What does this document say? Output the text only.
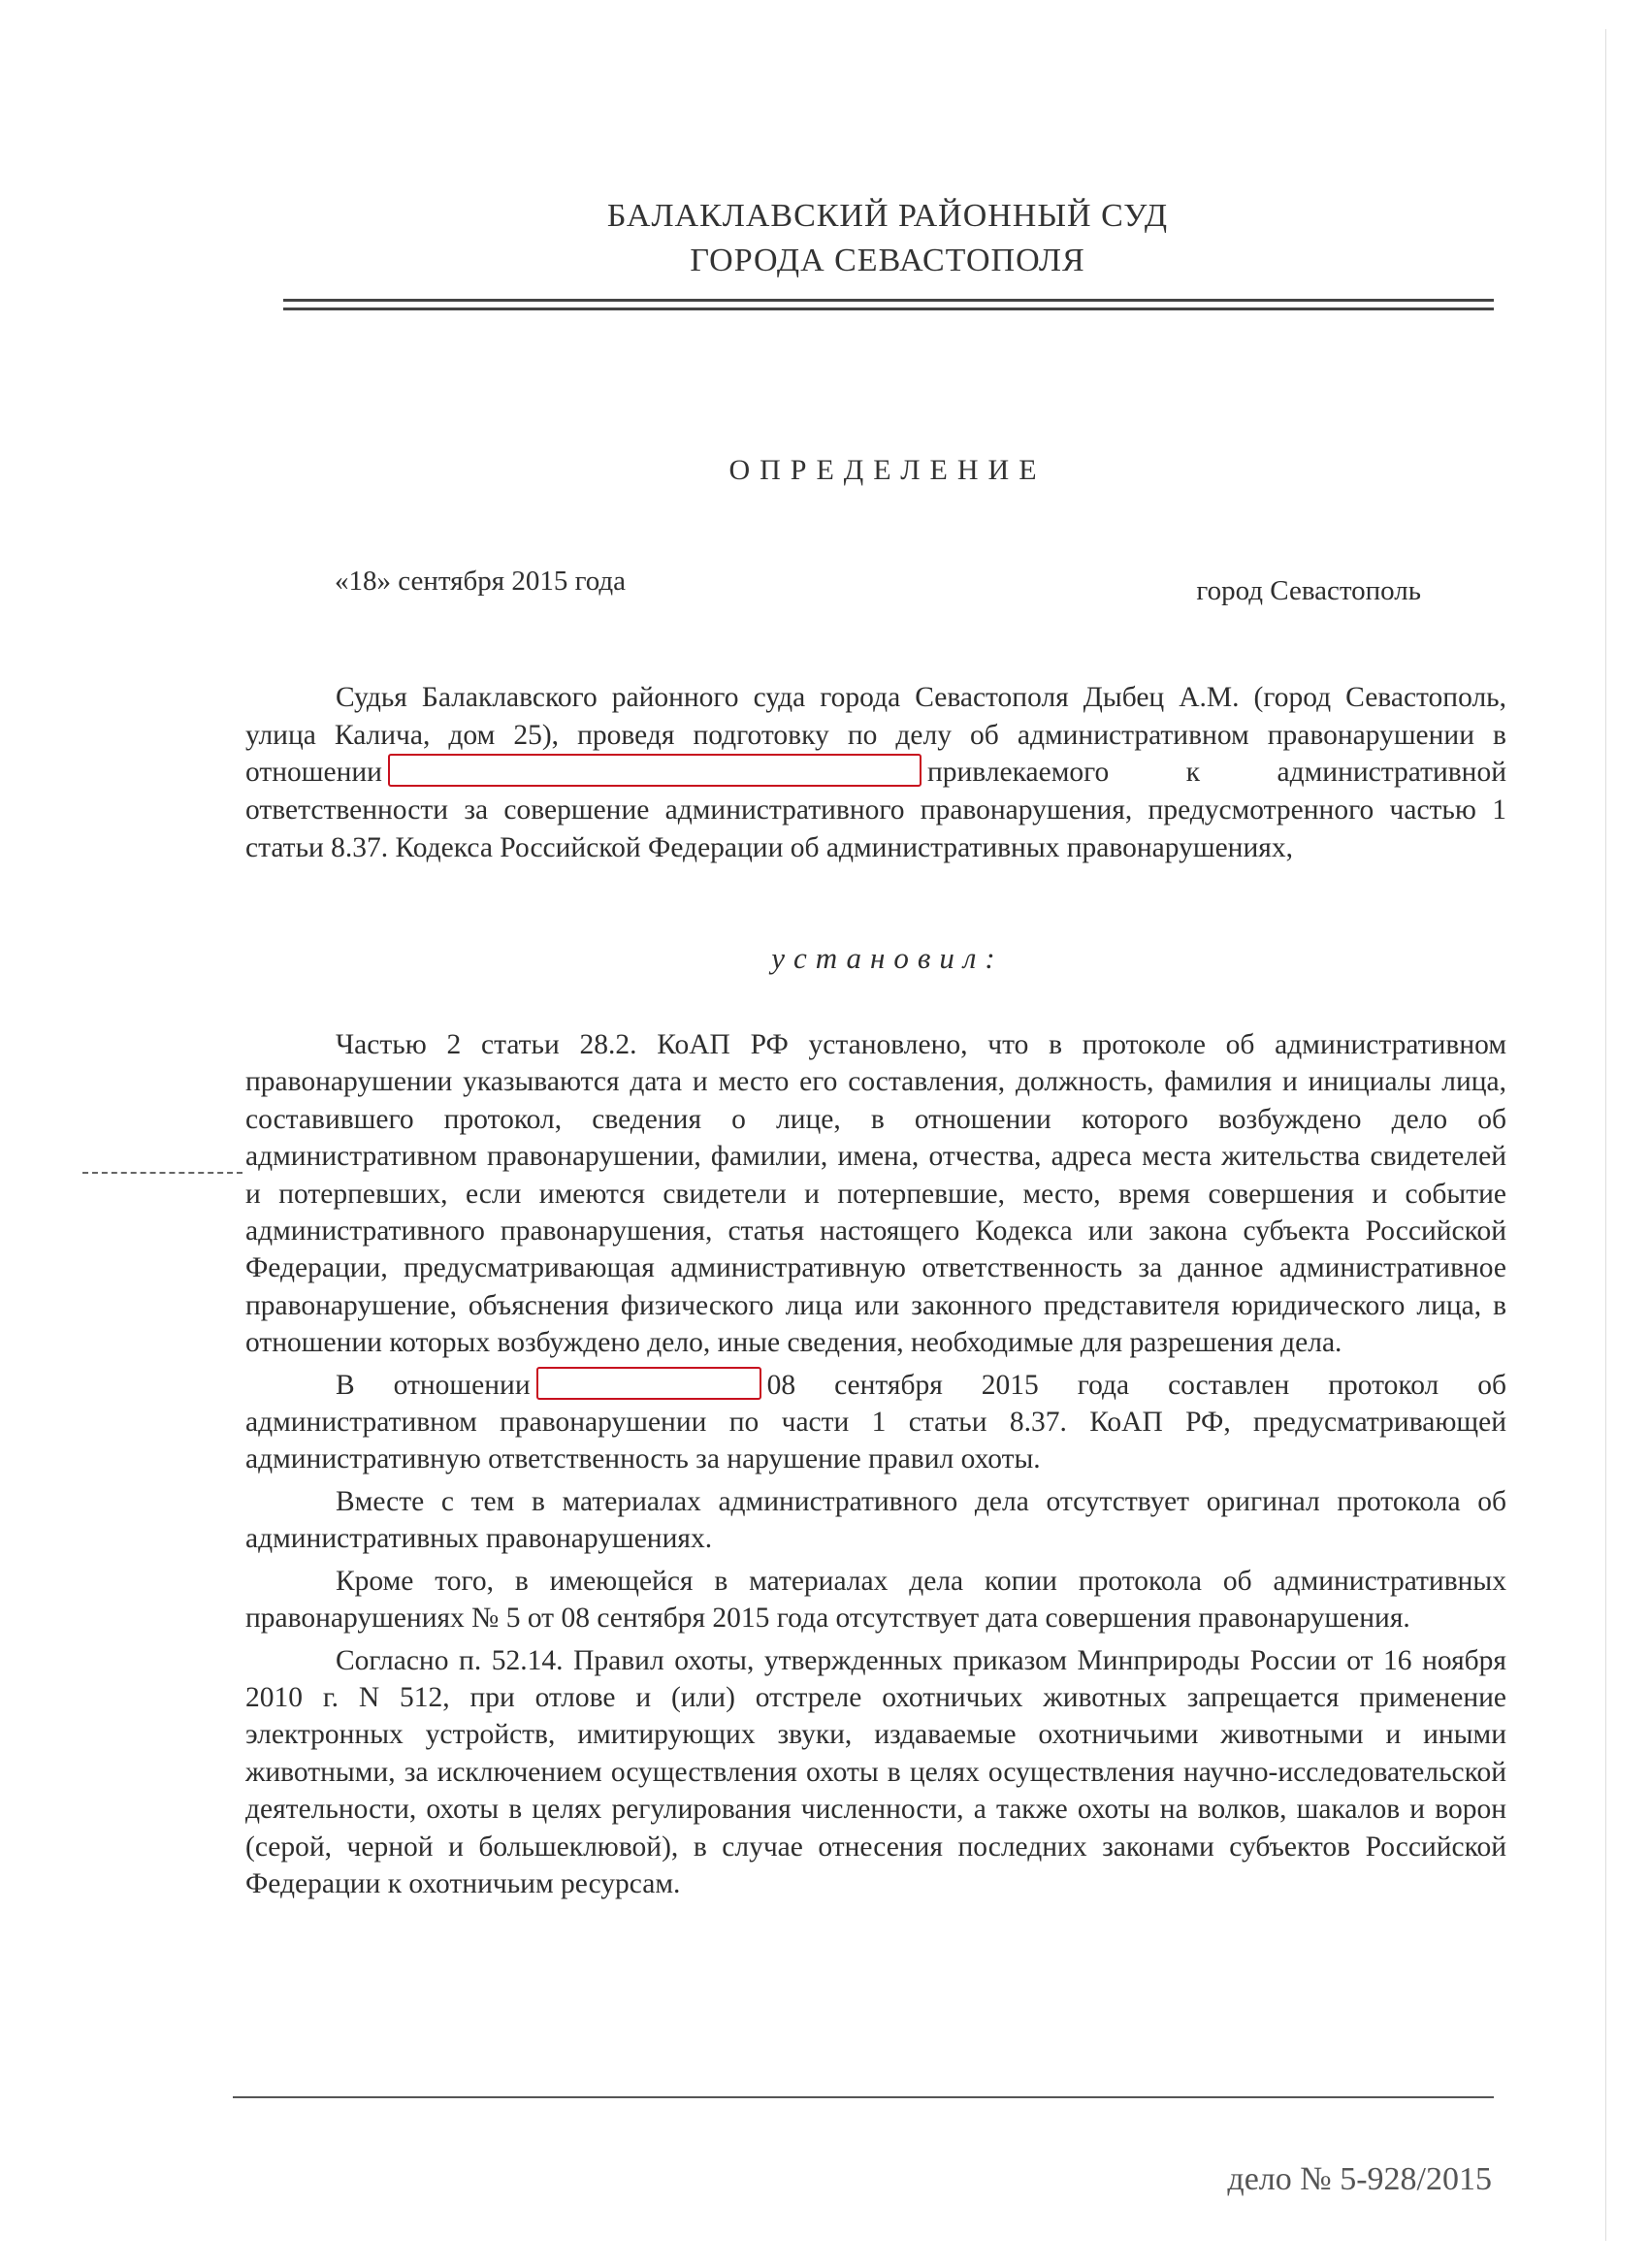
БАЛАКЛАВСКИЙ РАЙОННЫЙ СУД
ГОРОДА СЕВАСТОПОЛЯ
ОПРЕДЕЛЕНИЕ
«18» сентября 2015 года	город Севастополь

Судья Балаклавского районного суда города Севастополя Дыбец А.М. (город Севастополь, улица Калича, дом 25), проведя подготовку по делу об административном правонарушении в отношении	привлекаемого к административной ответственности за совершение административного правонарушения, предусмотренного частью 1 статьи 8.37. Кодекса Российской Федерации об административных правонарушениях,

установил:

Частью 2 статьи 28.2. КоАП РФ установлено, что в протоколе об административном правонарушении указываются дата и место его составления, должность, фамилия и инициалы лица, составившего протокол, сведения о лице, в отношении которого возбуждено дело об административном правонарушении, фамилии, имена, отчества, адреса места жительства свидетелей и потерпевших, если имеются свидетели и потерпевшие, место, время совершения и событие административного правонарушения, статья настоящего Кодекса или закона субъекта Российской Федерации, предусматривающая административную ответственность за данное административное правонарушение, объяснения физического лица или законного представителя юридического лица, в отношении которых возбуждено дело, иные сведения, необходимые для разрешения дела.

В отношении	08 сентября 2015 года составлен протокол об административном правонарушении по части 1 статьи 8.37. КоАП РФ, предусматривающей административную ответственность за нарушение правил охоты.

Вместе с тем в материалах административного дела отсутствует оригинал протокола об административных правонарушениях.

Кроме того, в имеющейся в материалах дела копии протокола об административных правонарушениях № 5 от 08 сентября 2015 года отсутствует дата совершения правонарушения.

Согласно п. 52.14. Правил охоты, утвержденных приказом Минприроды России от 16 ноября 2010 г. N 512, при отлове и (или) отстреле охотничьих животных запрещается применение электронных устройств, имитирующих звуки, издаваемые охотничьими животными и иными животными, за исключением осуществления охоты в целях осуществления научно-исследовательской деятельности, охоты в целях регулирования численности, а также охоты на волков, шакалов и ворон (серой, черной и большеклювой), в случае отнесения последних законами субъектов Российской Федерации к охотничьим ресурсам.

дело № 5-928/2015
